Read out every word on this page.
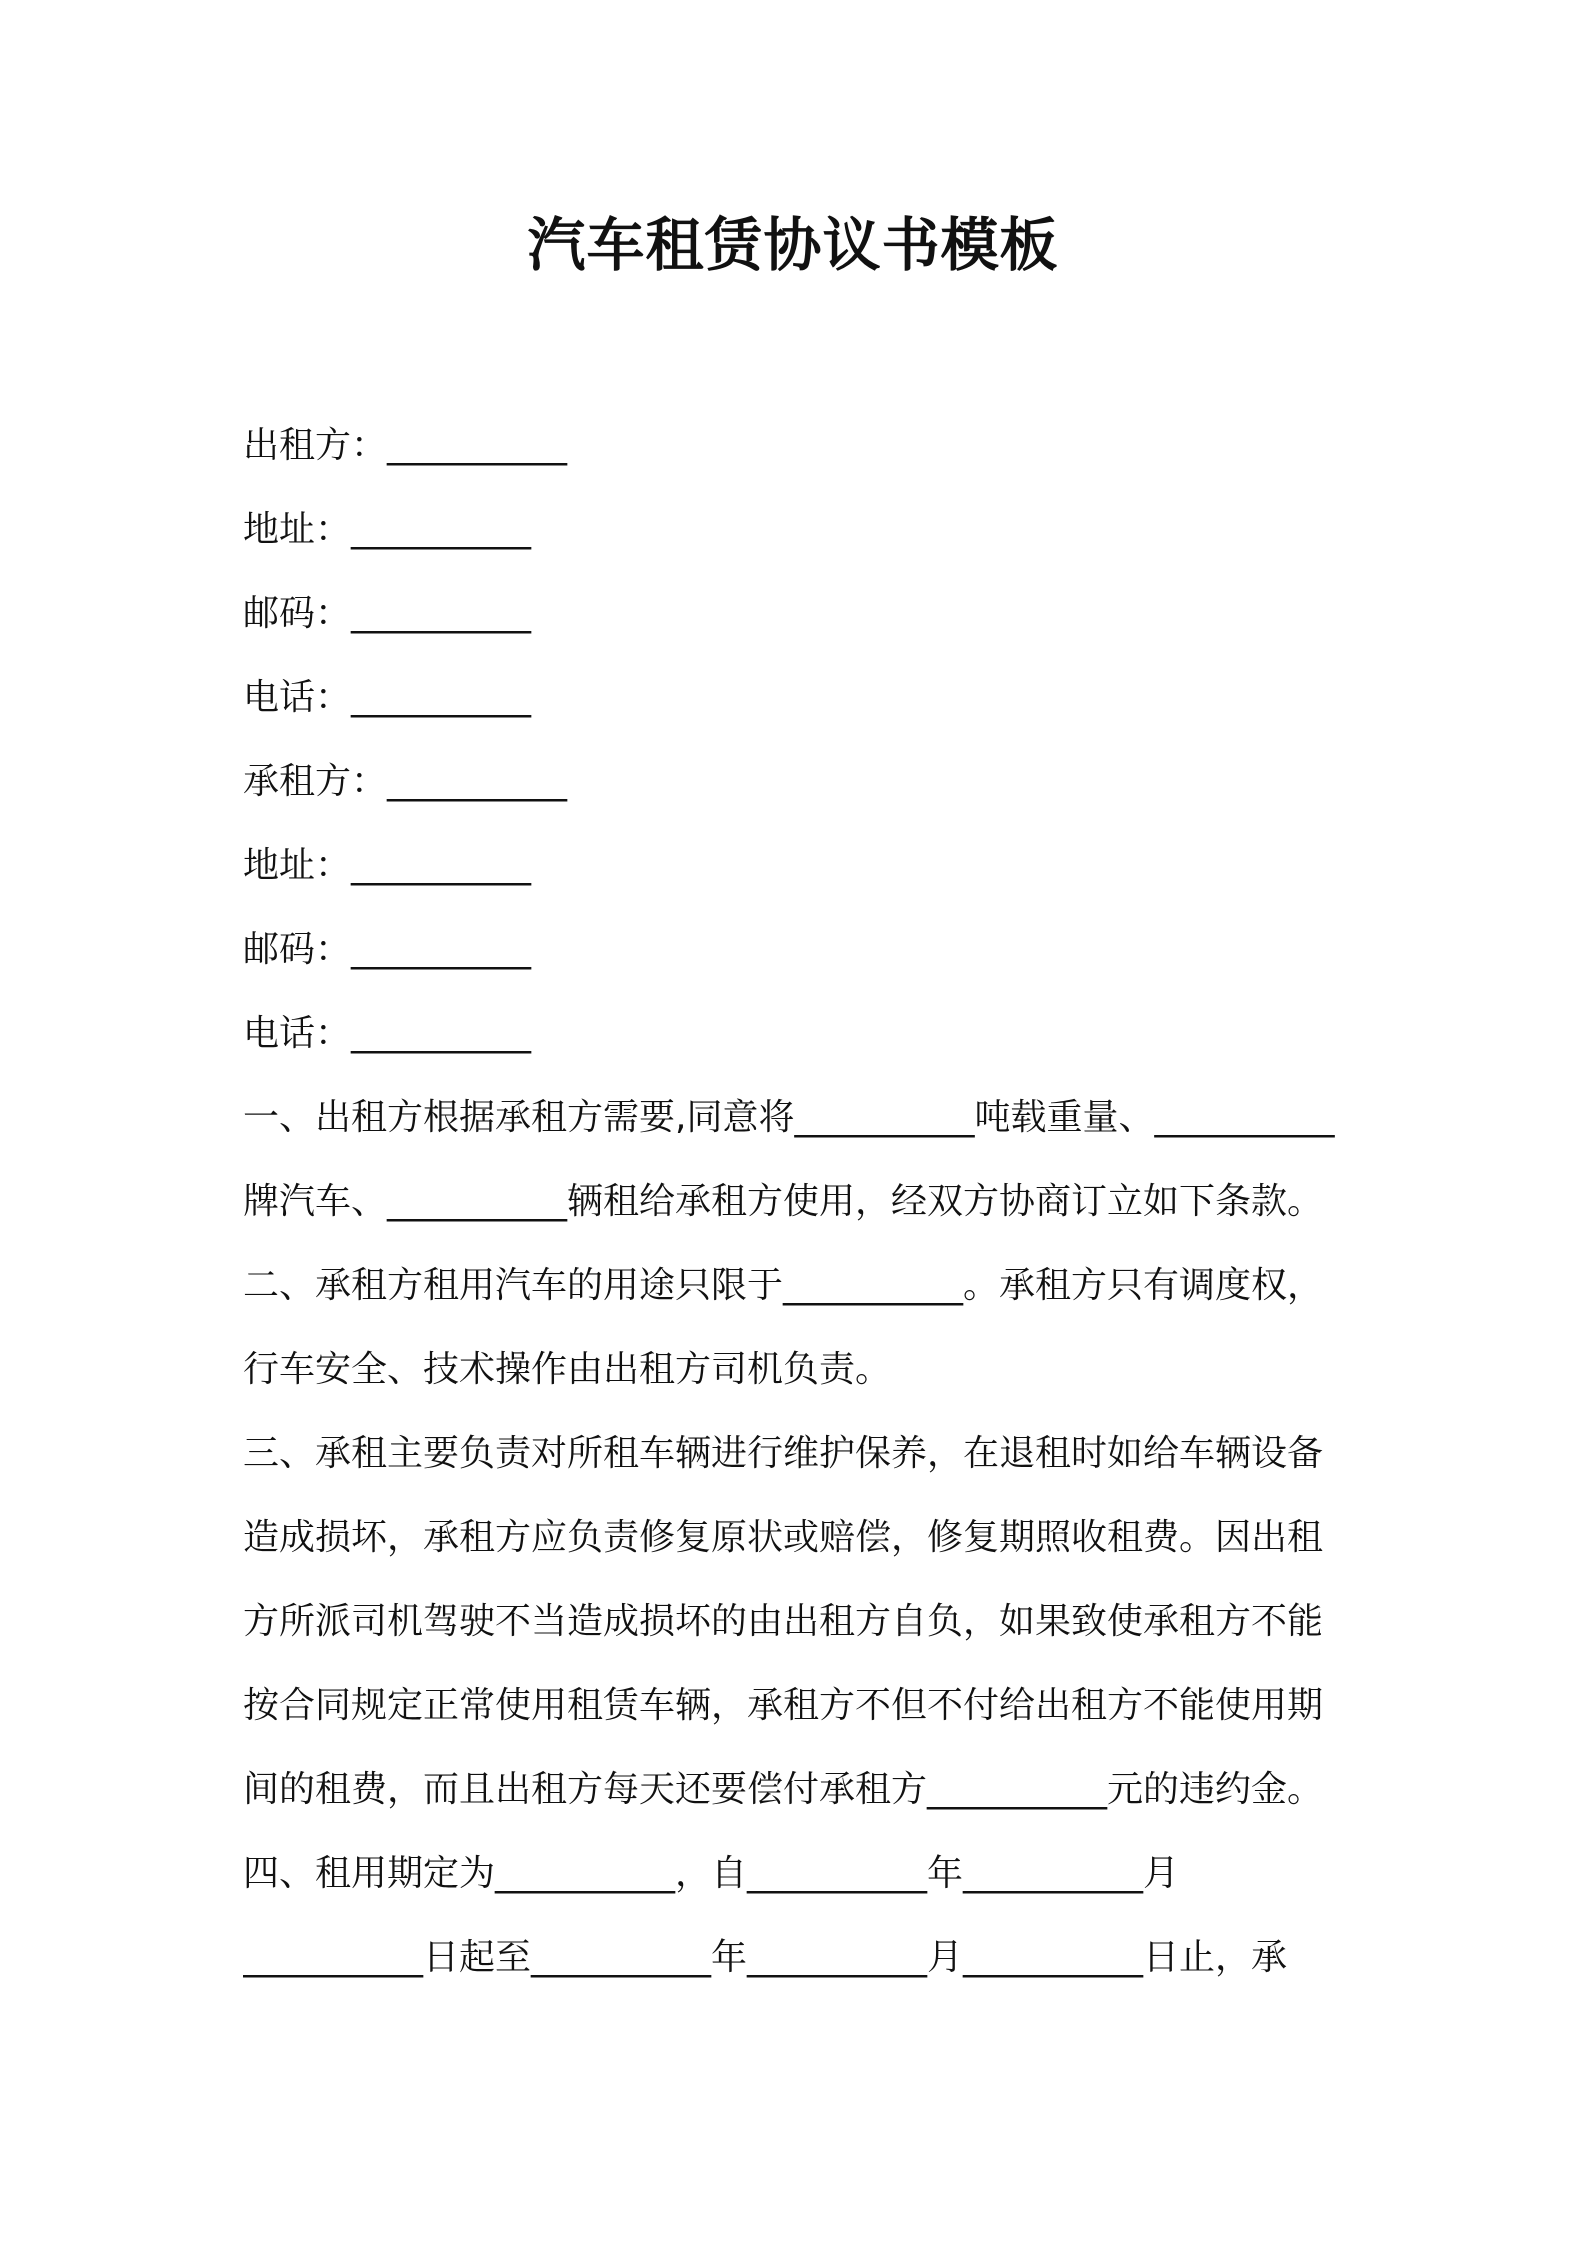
汽车租赁协议书模板
出租方：__________
地址：__________
邮码：__________
电话：__________
承租方：__________
地址：__________
邮码：__________
电话：__________
一、出租方根据承租方需要,同意将__________吨载重量、__________
牌汽车、__________辆租给承租方使用，经双方协商订立如下条款。
二、承租方租用汽车的用途只限于__________。承租方只有调度权，
行车安全、技术操作由出租方司机负责。
三、承租主要负责对所租车辆进行维护保养，在退租时如给车辆设备
造成损坏，承租方应负责修复原状或赔偿，修复期照收租费。因出租
方所派司机驾驶不当造成损坏的由出租方自负，如果致使承租方不能
按合同规定正常使用租赁车辆，承租方不但不付给出租方不能使用期
间的租费，而且出租方每天还要偿付承租方__________元的违约金。
四、租用期定为__________，自__________年__________月
__________日起至__________年__________月__________日止，承
